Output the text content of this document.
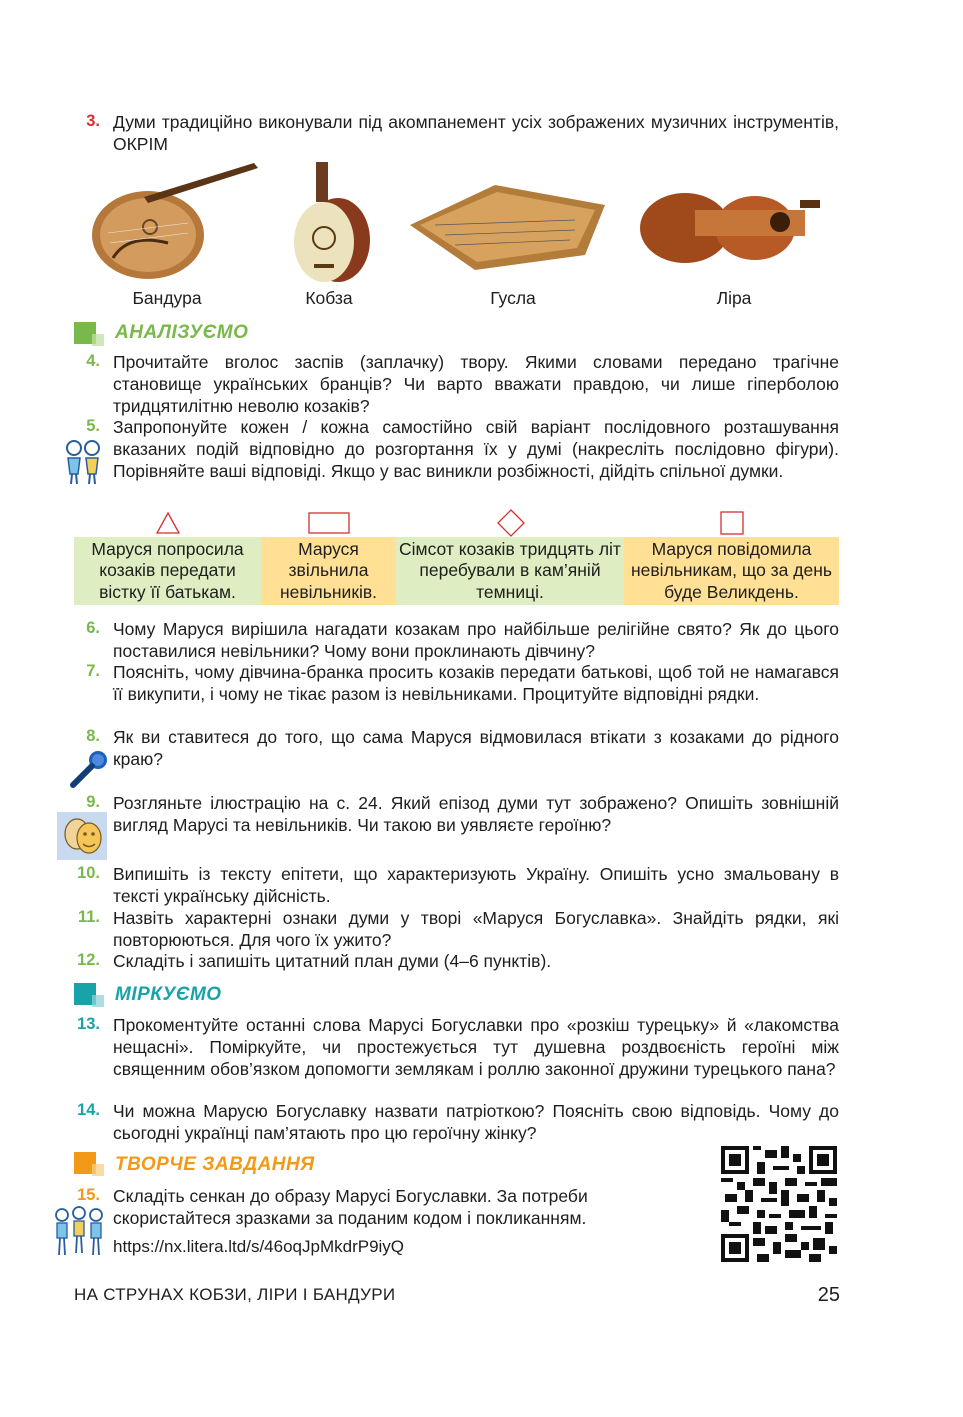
3. Думи традиційно виконували під акомпанемент усіх зображених музичних інструментів, ОКРІМ
Бандура	Кобза	Гусла	Ліра
АНАЛІЗУЄМО
4. Прочитайте вголос заспів (заплачку) твору. Якими словами передано трагічне становище українських бранців? Чи варто вважати правдою, чи лише гіперболою тридцятилітню неволю козаків?
5. Запропонуйте кожен / кожна самостійно свій варіант послідовного розташування вказаних подій відповідно до розгортання їх у думі (накресліть послідовно фігури). Порівняйте ваші відповіді. Якщо у вас виникли розбіжності, дійдіть спільної думки.
Маруся попросила козаків передати вістку її батькам.
Маруся звільнила невільників.
Сімсот козаків тридцять літ перебували в кам’яній темниці.
Маруся повідомила невільникам, що за день буде Великдень.
6. Чому Маруся вирішила нагадати козакам про найбільше релігійне свято? Як до цього поставилися невільники? Чому вони проклинають дівчину?
7. Поясніть, чому дівчина-бранка просить козаків передати батькові, щоб той не намагався її викупити, і чому не тікає разом із невільниками. Процитуйте відповідні рядки.
8. Як ви ставитеся до того, що сама Маруся відмовилася втікати з козаками до рідного краю?
9. Розгляньте ілюстрацію на с. 24. Який епізод думи тут зображено? Опишіть зовнішній вигляд Марусі та невільників. Чи такою ви уявляєте героїню?
10. Випишіть із тексту епітети, що характеризують Україну. Опишіть усно змальовану в тексті українську дійсність.
11. Назвіть характерні ознаки думи у творі «Маруся Богуславка». Знайдіть рядки, які повторюються. Для чого їх ужито?
12. Складіть і запишіть цитатний план думи (4–6 пунктів).
МІРКУЄМО
13. Прокоментуйте останні слова Марусі Богуславки про «розкіш турецьку» й «лакомства нещасні». Поміркуйте, чи простежується тут душевна роздвоєність героїні між священним обов’язком допомогти землякам і роллю законної дружини турецького пана?
14. Чи можна Марусю Богуславку назвати патріоткою? Поясніть свою відповідь. Чому до сьогодні українці пам’ятають про цю героїчну жінку?
ТВОРЧЕ ЗАВДАННЯ
15. Складіть сенкан до образу Марусі Богуславки. За потреби скористайтеся зразками за поданим кодом і покликанням.
https://nx.litera.ltd/s/46oqJpMkdrP9iyQ
НА СТРУНАХ КОБЗИ, ЛІРИ І БАНДУРИ	25
